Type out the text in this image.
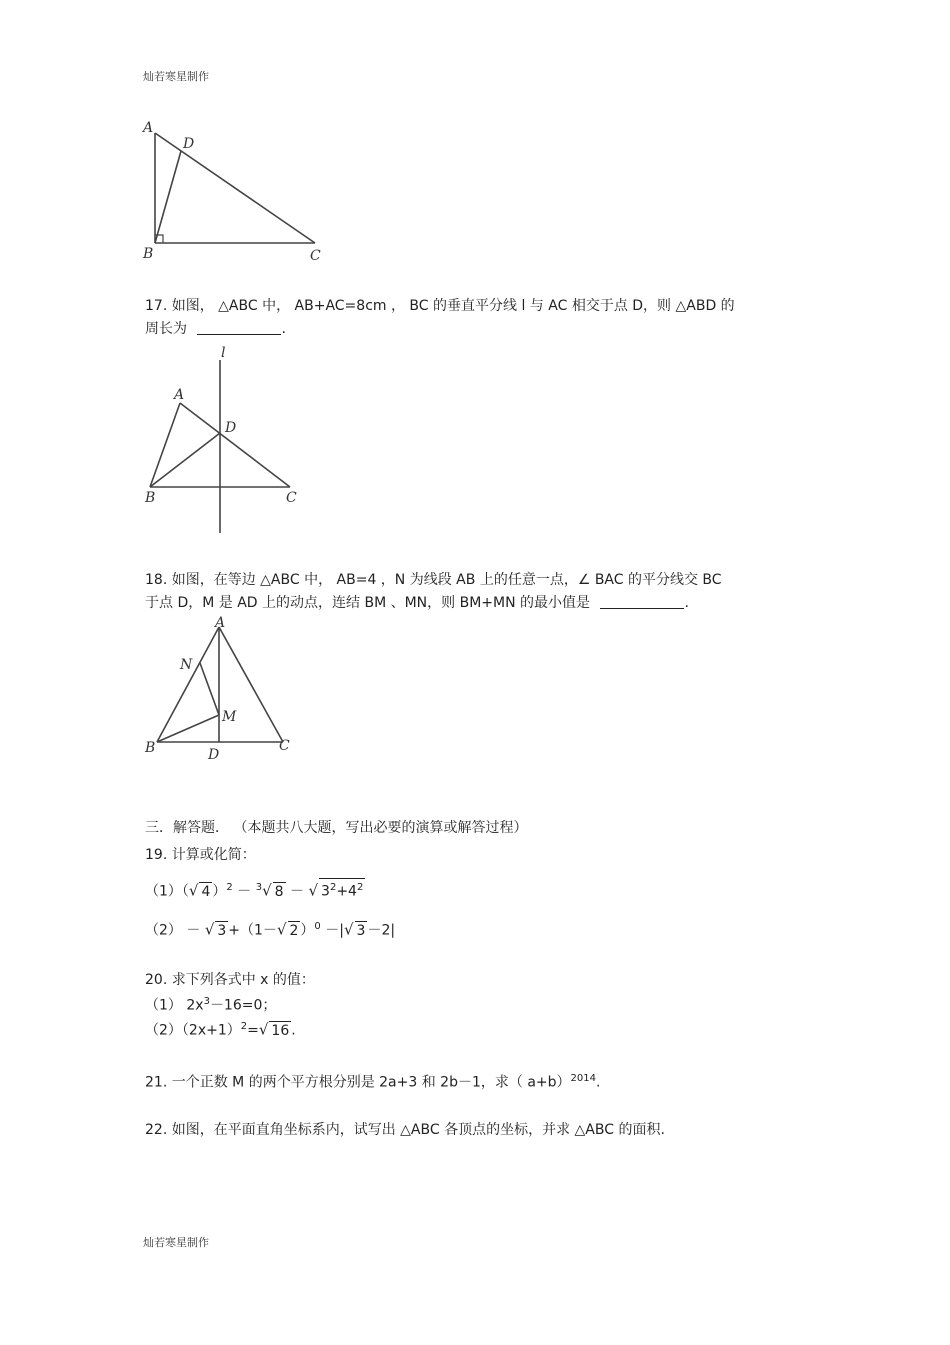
灿若寒星制作
灿若寒星制作
A
D
B	C
17. 如图， △ABC 中， AB+AC=8cm ， BC 的垂直平分线 l 与 AC 相交于点 D，则 △ABD 的
周长为	.
l
A
D
B	C
18. 如图，在等边 △ABC 中， AB=4 ，N 为线段 AB 上的任意一点，∠ BAC 的平分线交 BC
于点 D，M 是 AD 上的动点，连结 BM 、MN，则 BM+MN 的最小值是	.
A
N
M
B	D
C
三．解答题． （本题共八大题，写出必要的演算或解答过程）
19. 计算或化简：
（1）（√ 4 ）$^2$ － $^3$√ 8 － √ $3^2+4^2$
（2） － √ 3 +（1－√ 2 ）$^0$ －|√ 3 －2|
20. 求下列各式中 x 的值：
（1） $2x^3-16=0$；
$(2)(2x+1)^2=√$ 16 .
21. 一个正数 M 的两个平方根分别是 2a+3 和 2b－1，求（ a+b）$^{2014}$.
22. 如图，在平面直角坐标系内，试写出 △ABC 各顶点的坐标，并求 △ABC 的面积.
